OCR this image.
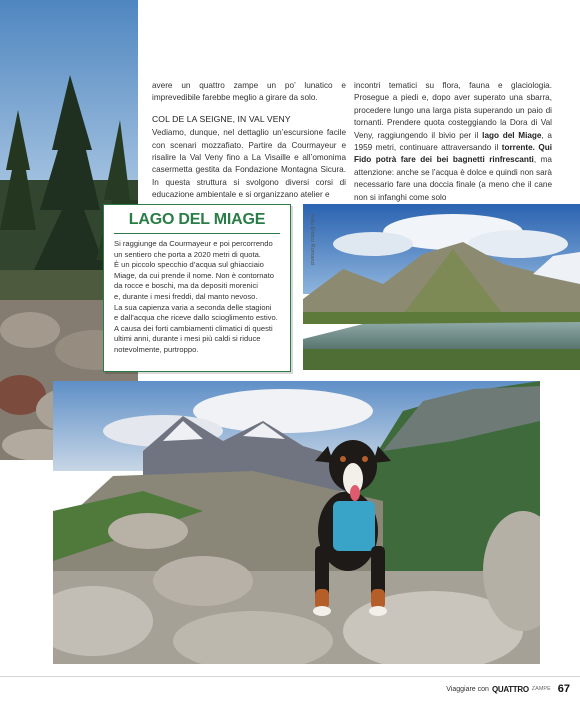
avere un quattro zampe un po’ lunatico e imprevedibile farebbe meglio a girare da solo.

COL DE LA SEIGNE, IN VAL VENY

Vediamo, dunque, nel dettaglio un’escursione facile con scenari mozzafiato. Partire da Courmayeur e risalire la Val Veny fino a La Visaille e all’omonima casermetta gestita da Fondazione Montagna Sicura. In questa struttura si svolgono diversi corsi di educazione ambientale e si organizzano atelier e

incontri tematici su flora, fauna e glaciologia. Prosegue a piedi e, dopo aver superato una sbarra, procedere lungo una larga pista superando un paio di tornanti. Prendere quota costeggiando la Dora di Val Veny, raggiungendo il bivio per il lago del Miage, a 1959 metri, continuare attraversando il torrente. Qui Fido potrà fare dei bei bagnetti rinfrescanti, ma attenzione: anche se l’acqua è dolce e quindi non sarà necessario fare una doccia finale (a meno che il cane non si infanghi come solo

Foto Enrico Romanzi
LAGO DEL MIAGE
Si raggiunge da Courmayeur e poi percorrendo
un sentiero che porta a 2020 metri di quota.
È un piccolo specchio d’acqua sul ghiacciaio
Miage, da cui prende il nome. Non è contornato
da rocce e boschi, ma da depositi morenici
e, durante i mesi freddi, dal manto nevoso.
La sua capienza varia a seconda delle stagioni
e dall’acqua che riceve dallo scioglimento estivo.
A causa dei forti cambiamenti climatici di questi
ultimi anni, durante i mesi più caldi si riduce
notevolmente, purtroppo.
Viaggiare con QUATTRO ZAMPE 67
